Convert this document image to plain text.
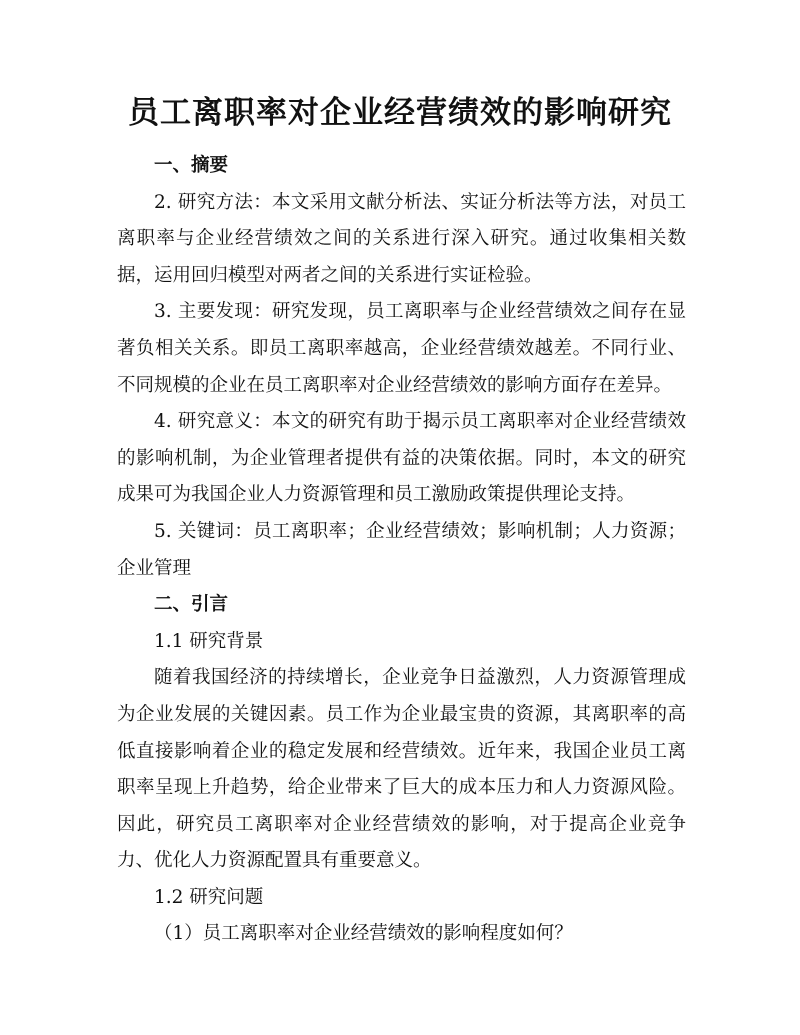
员工离职率对企业经营绩效的影响研究
一、摘要

2. 研究方法：本文采用文献分析法、实证分析法等方法，对员工离职率与企业经营绩效之间的关系进行深入研究。通过收集相关数据，运用回归模型对两者之间的关系进行实证检验。

3. 主要发现：研究发现，员工离职率与企业经营绩效之间存在显著负相关关系。即员工离职率越高，企业经营绩效越差。不同行业、不同规模的企业在员工离职率对企业经营绩效的影响方面存在差异。

4. 研究意义：本文的研究有助于揭示员工离职率对企业经营绩效的影响机制，为企业管理者提供有益的决策依据。同时，本文的研究成果可为我国企业人力资源管理和员工激励政策提供理论支持。

5. 关键词：员工离职率；企业经营绩效；影响机制；人力资源；企业管理

二、引言

1.1 研究背景

随着我国经济的持续增长，企业竞争日益激烈，人力资源管理成为企业发展的关键因素。员工作为企业最宝贵的资源，其离职率的高低直接影响着企业的稳定发展和经营绩效。近年来，我国企业员工离职率呈现上升趋势，给企业带来了巨大的成本压力和人力资源风险。因此，研究员工离职率对企业经营绩效的影响，对于提高企业竞争力、优化人力资源配置具有重要意义。

1.2 研究问题

（1）员工离职率对企业经营绩效的影响程度如何？
